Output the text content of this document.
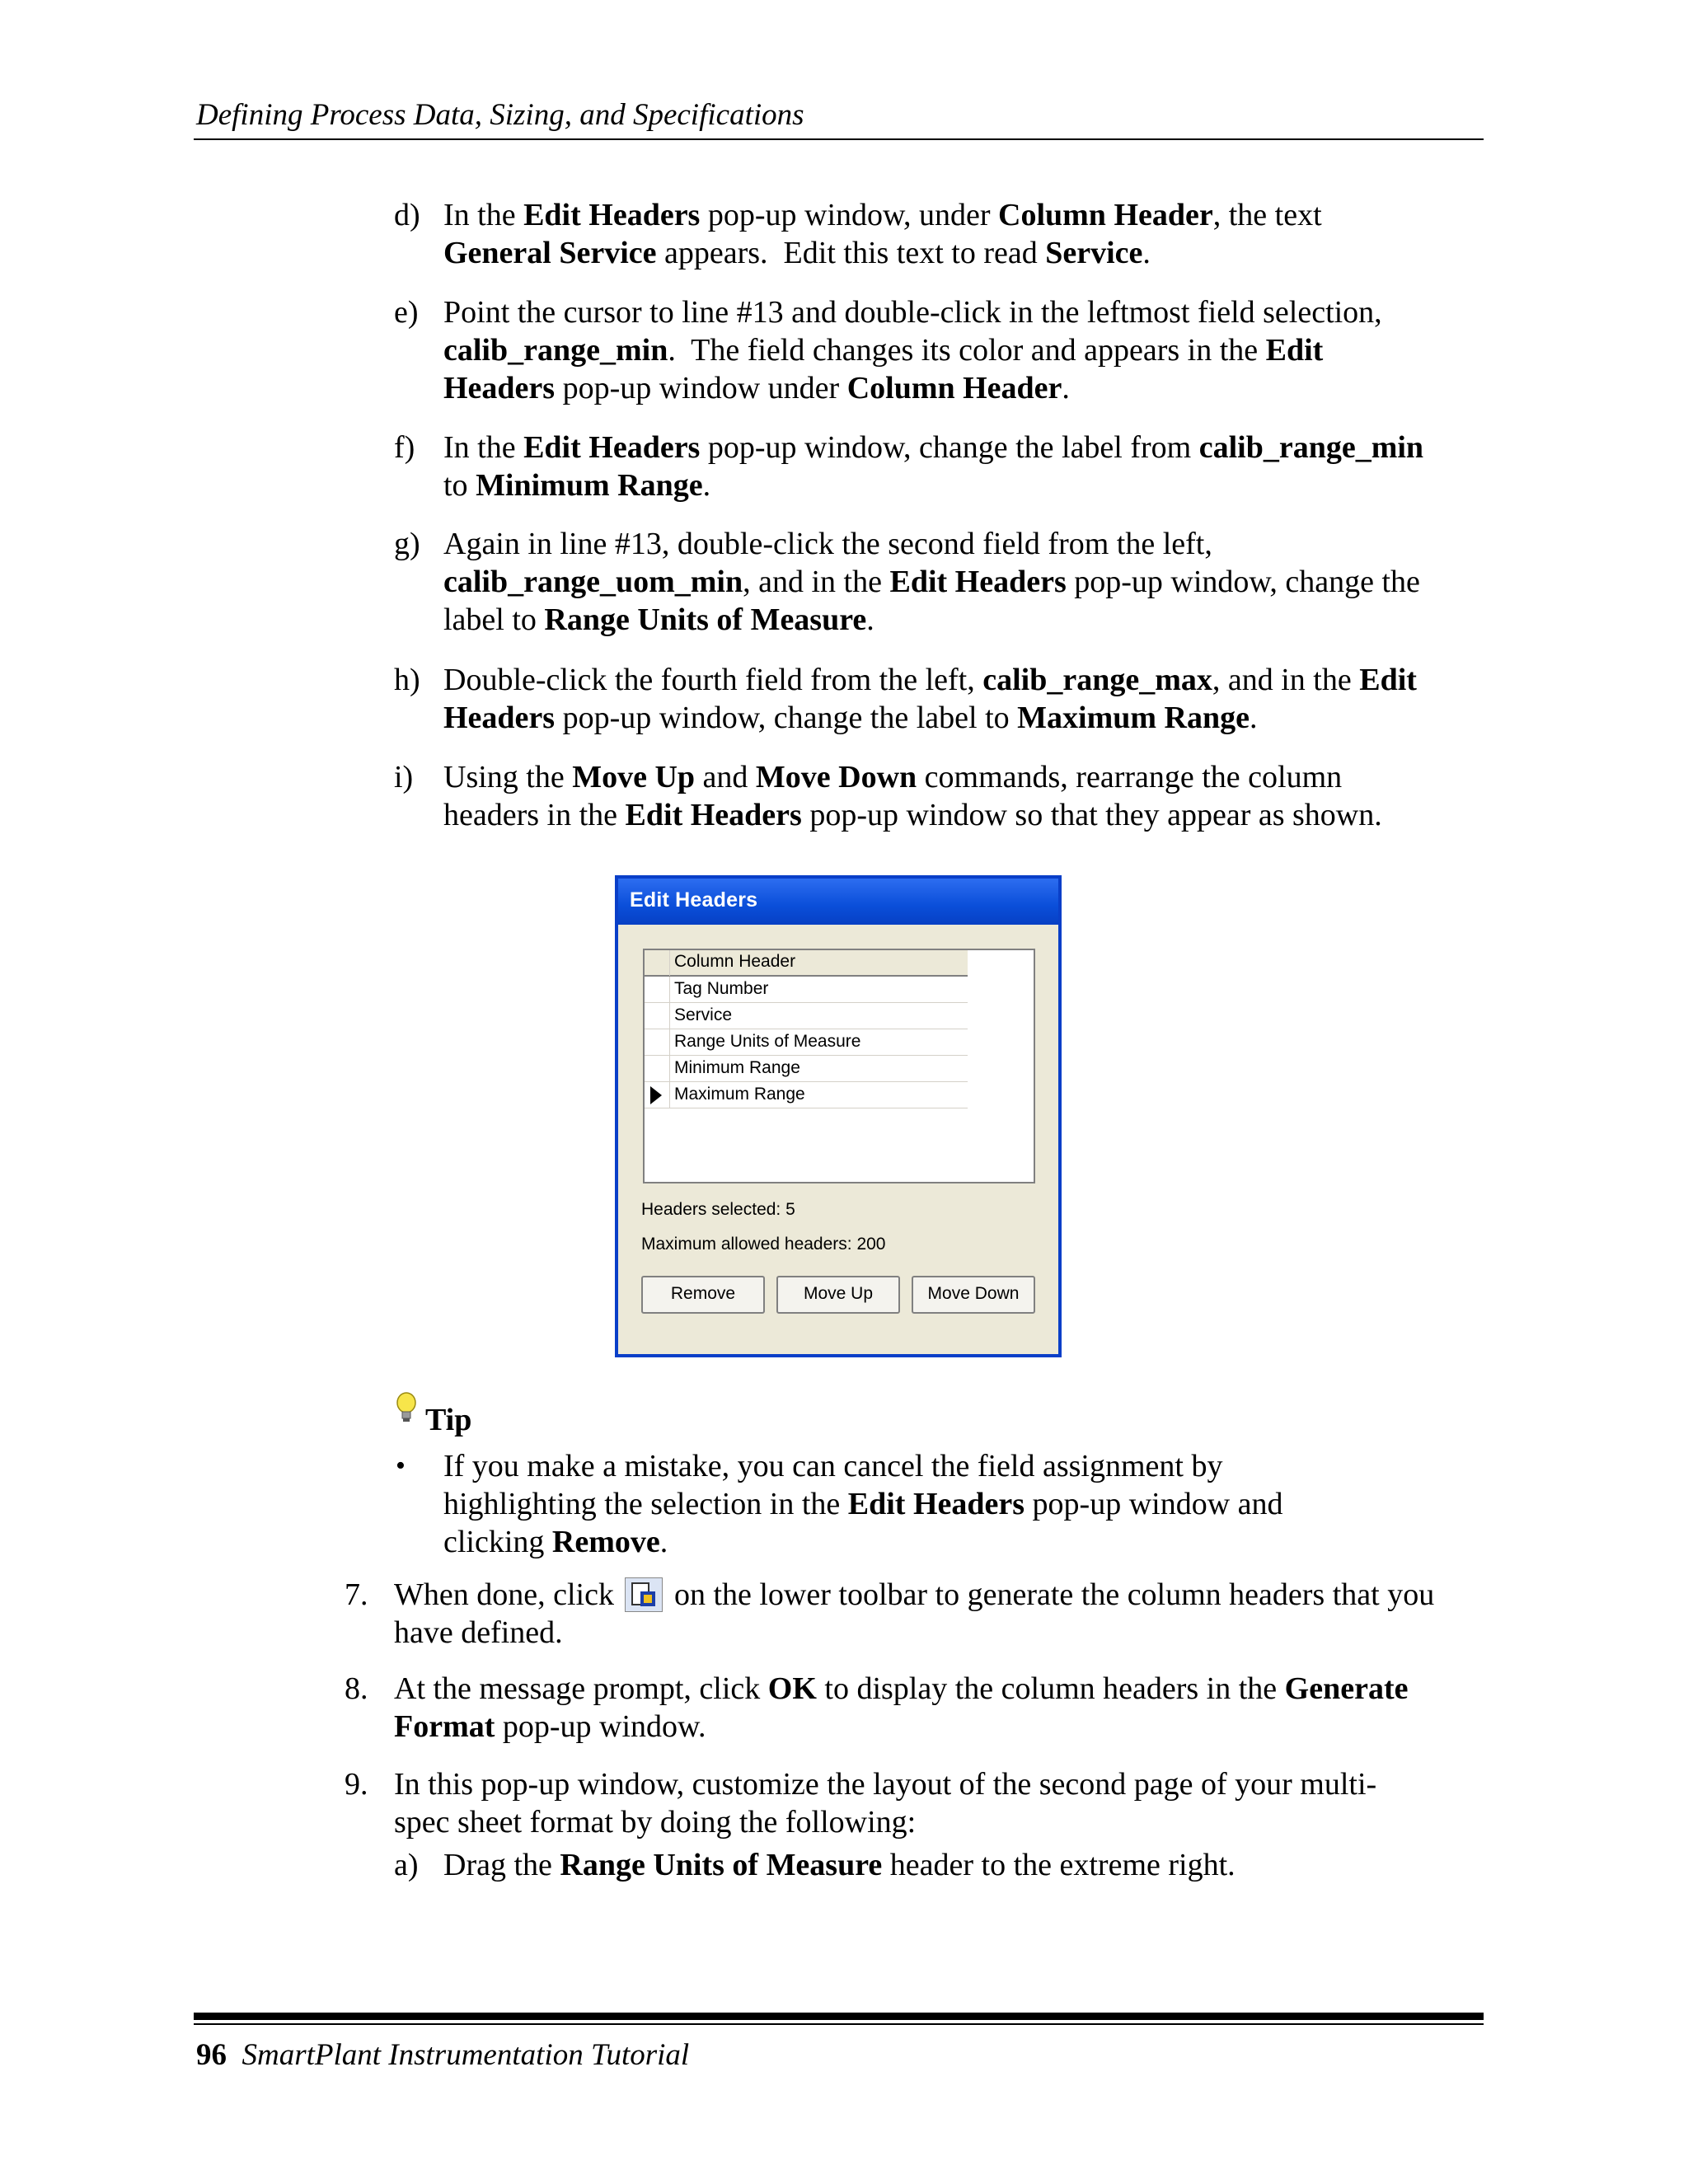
Defining Process Data, Sizing, and Specifications
d) In the Edit Headers pop-up window, under Column Header, the text
General Service appears.  Edit this text to read Service.
e) Point the cursor to line #13 and double-click in the leftmost field selection,
calib_range_min.  The field changes its color and appears in the Edit
Headers pop-up window under Column Header.
f) In the Edit Headers pop-up window, change the label from calib_range_min
to Minimum Range.
g) Again in line #13, double-click the second field from the left,
calib_range_uom_min, and in the Edit Headers pop-up window, change the
label to Range Units of Measure.
h) Double-click the fourth field from the left, calib_range_max, and in the Edit
Headers pop-up window, change the label to Maximum Range.
i) Using the Move Up and Move Down commands, rearrange the column
headers in the Edit Headers pop-up window so that they appear as shown.
Edit Headers
Column Header
Tag Number
Service
Range Units of Measure
Minimum Range
Maximum Range
Headers selected: 5
Maximum allowed headers: 200
Remove	Move Up	Move Down
Tip
• If you make a mistake, you can cancel the field assignment by
highlighting the selection in the Edit Headers pop-up window and
clicking Remove.
7. When done, click  on the lower toolbar to generate the column headers that you
have defined.
8. At the message prompt, click OK to display the column headers in the Generate
Format pop-up window.
9. In this pop-up window, customize the layout of the second page of your multi-
spec sheet format by doing the following:
a) Drag the Range Units of Measure header to the extreme right.
96 SmartPlant Instrumentation Tutorial
